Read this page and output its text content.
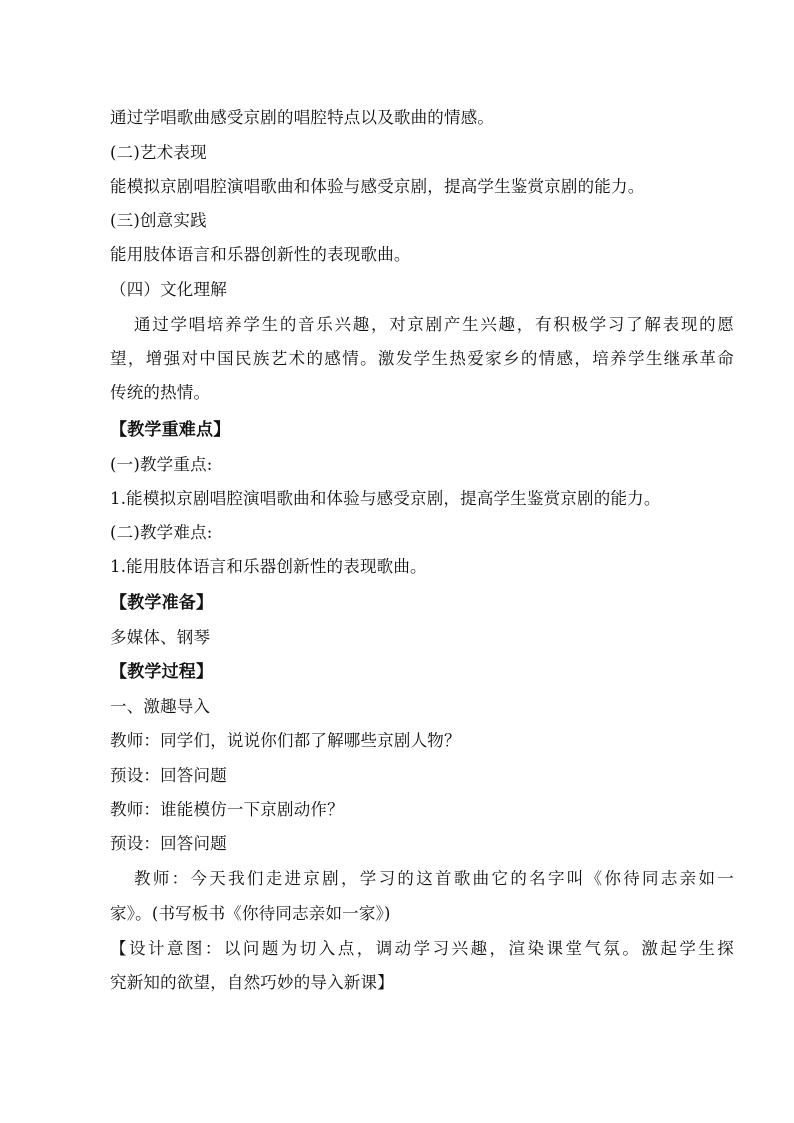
通过学唱歌曲感受京剧的唱腔特点以及歌曲的情感。
(二)艺术表现
能模拟京剧唱腔演唱歌曲和体验与感受京剧，提高学生鉴赏京剧的能力。
(三)创意实践
能用肢体语言和乐器创新性的表现歌曲。
（四）文化理解
通过学唱培养学生的音乐兴趣，对京剧产生兴趣，有积极学习了解表现的愿
望，增强对中国民族艺术的感情。激发学生热爱家乡的情感，培养学生继承革命
传统的热情。
【教学重难点】
(一)教学重点:
1.能模拟京剧唱腔演唱歌曲和体验与感受京剧，提高学生鉴赏京剧的能力。
(二)教学难点:
1.能用肢体语言和乐器创新性的表现歌曲。
【教学准备】
多媒体、钢琴
【教学过程】
一、激趣导入
教师：同学们，说说你们都了解哪些京剧人物？
预设：回答问题
教师：谁能模仿一下京剧动作？
预设：回答问题
教师：今天我们走进京剧，学习的这首歌曲它的名字叫《你待同志亲如一
家》。(书写板书《你待同志亲如一家》)
【设计意图：以问题为切入点，调动学习兴趣，渲染课堂气氛。激起学生探
究新知的欲望，自然巧妙的导入新课】
